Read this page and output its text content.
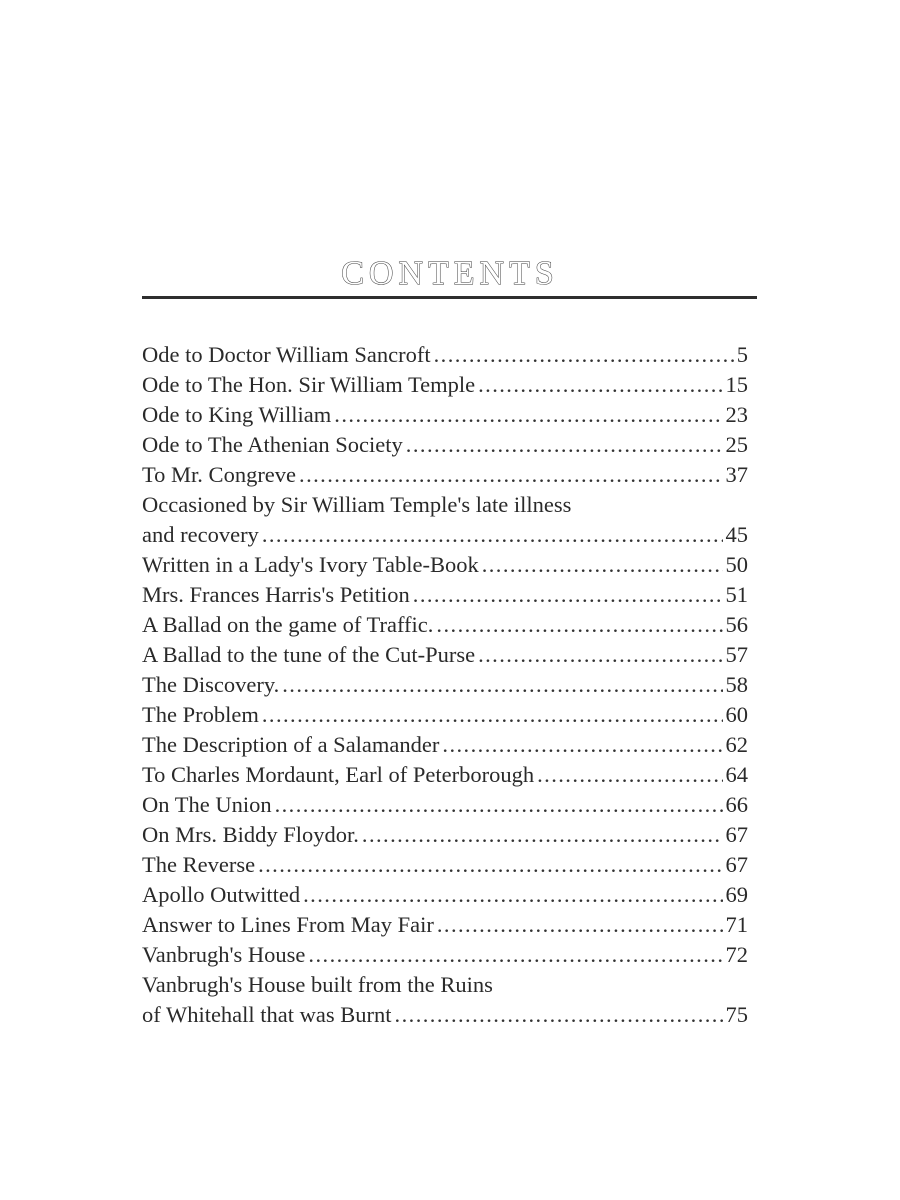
CONTENTS
Ode to Doctor William Sancroft . . .	5
Ode to The Hon. Sir William Temple . . .	15
Ode to King William . . .	23
Ode to The Athenian Society . . .	25
To Mr. Congreve . . .	37
Occasioned by Sir William Temple's late illness
and recovery . . .	45
Written in a Lady's Ivory Table-Book . . .	50
Mrs. Frances Harris's Petition . . .	51
A Ballad on the game of Traffic. . . .	56
A Ballad to the tune of the Cut-Purse . . .	57
The Discovery. . . .	58
The Problem . . .	60
The Description of a Salamander . . .	62
To Charles Mordaunt, Earl of Peterborough . . .	64
On The Union . . .	66
On Mrs. Biddy Floydor. . . .	67
The Reverse . . .	67
Apollo Outwitted . . .	69
Answer to Lines From May Fair . . .	71
Vanbrugh's House . . .	72
Vanbrugh's House built from the Ruins
of Whitehall that was Burnt . . .	75
